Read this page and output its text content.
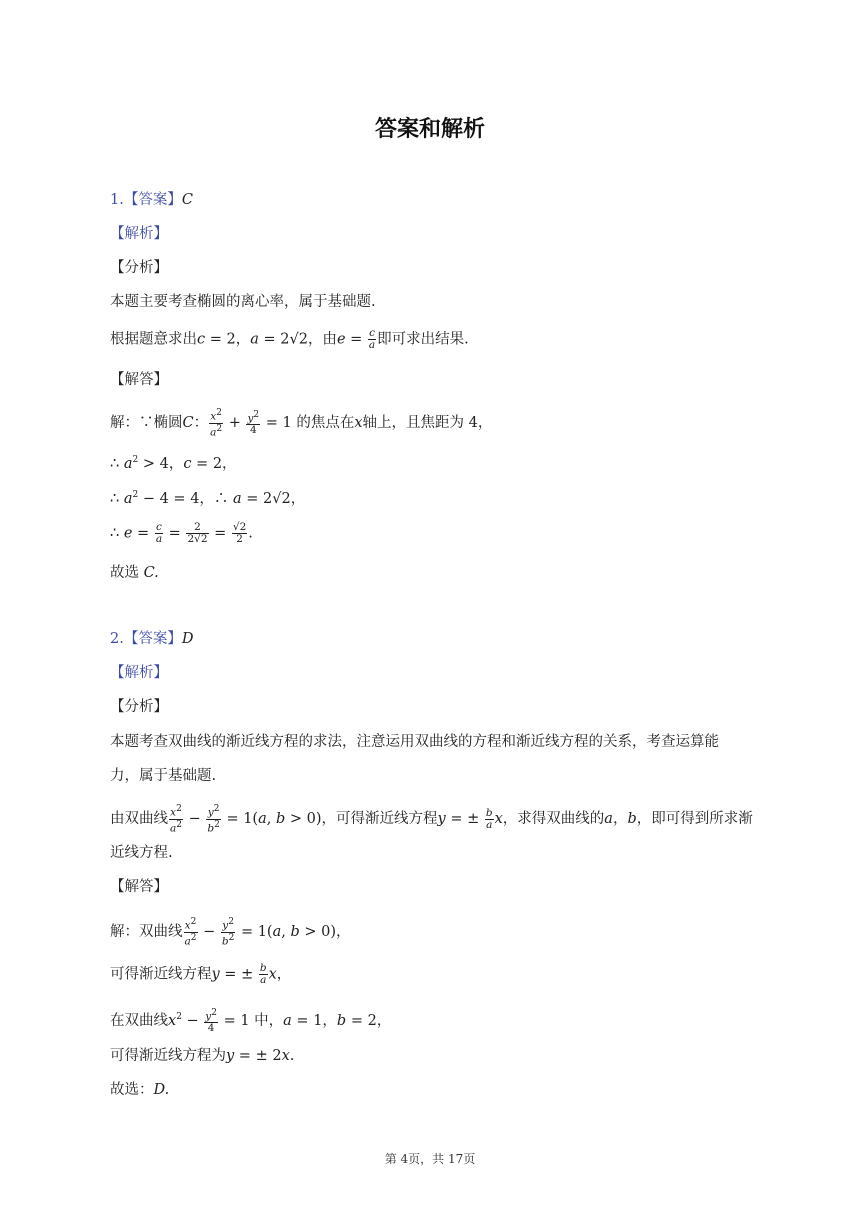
答案和解析
1.【答案】C
【解析】
【分析】
本题主要考查椭圆的离心率，属于基础题.
根据题意求出c = 2，a = 2√2，由$e = \frac{c}{a}$ 即可求出结果.
【解答】
解：∵椭圆C： $\frac{x^2}{a^2} + \frac{y^2}{4} = 1$ 的焦点在x轴上，且焦距为 4，
∴ $a^2 > 4$，c = 2，
∴ $a^2 - 4 = 4$，∴ a = 2√2，
∴ $e = \frac{c}{a} = \frac{2}{2√2} = \frac{√2}{2}$ .
故选 C.
2.【答案】D
【解析】
【分析】
本题考查双曲线的渐近线方程的求法，注意运用双曲线的方程和渐近线方程的关系，考查运算能
力，属于基础题.
由双曲线 $\frac{x^2}{a^2} - \frac{y^2}{b^2} = 1(a$, b > 0)，可得渐近线方程y = ± $\frac{b}{a}$ x，求得双曲线的a，b，即可得到所求渐
近线方程.
【解答】
解：双曲线 $\frac{x^2}{a^2} - \frac{y^2}{b^2} = 1(a$, b > 0)，
可得渐近线方程y = ± $\frac{b}{a}$ x，
在双曲线$x^2 - \frac{y^2}{4} = 1$ 中，a = 1，b = 2，
可得渐近线方程为y = ± 2x.
故选：D.
第 4页，共 17页
